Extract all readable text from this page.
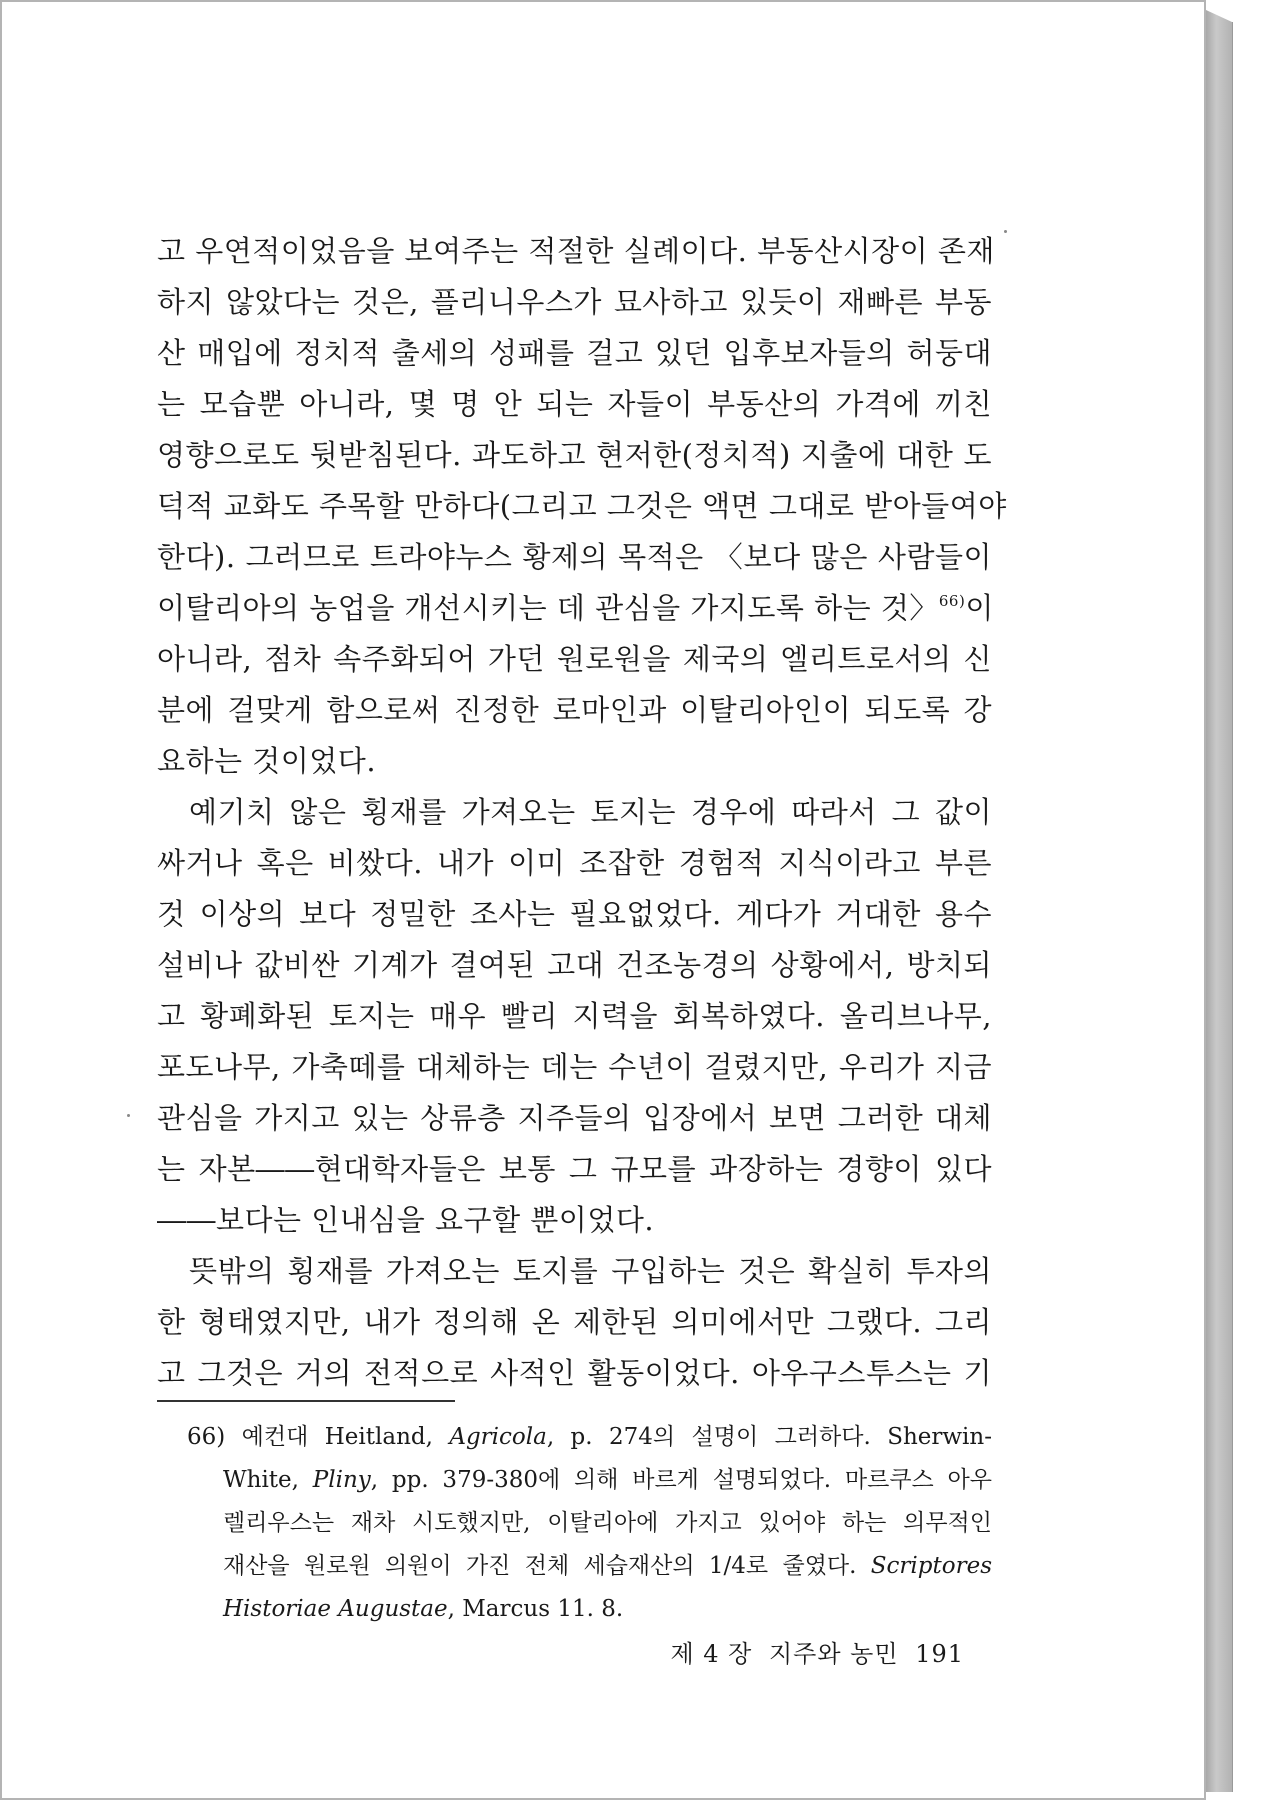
고 우연적이었음을 보여주는 적절한 실례이다. 부동산시장이 존재
하지 않았다는 것은, 플리니우스가 묘사하고 있듯이 재빠른 부동
산 매입에 정치적 출세의 성패를 걸고 있던 입후보자들의 허둥대
는 모습뿐 아니라, 몇 명 안 되는 자들이 부동산의 가격에 끼친
영향으로도 뒷받침된다. 과도하고 현저한(정치적) 지출에 대한 도
덕적 교화도 주목할 만하다(그리고 그것은 액면 그대로 받아들여야
한다). 그러므로 트라야누스 황제의 목적은 〈보다 많은 사람들이
이탈리아의 농업을 개선시키는 데 관심을 가지도록 하는 것〉$^{66)}$이
아니라, 점차 속주화되어 가던 원로원을 제국의 엘리트로서의 신
분에 걸맞게 함으로써 진정한 로마인과 이탈리아인이 되도록 강
요하는 것이었다.
예기치 않은 횡재를 가져오는 토지는 경우에 따라서 그 값이
싸거나 혹은 비쌌다. 내가 이미 조잡한 경험적 지식이라고 부른
것 이상의 보다 정밀한 조사는 필요없었다. 게다가 거대한 용수
설비나 값비싼 기계가 결여된 고대 건조농경의 상황에서, 방치되
고 황폐화된 토지는 매우 빨리 지력을 회복하였다. 올리브나무,
포도나무, 가축떼를 대체하는 데는 수년이 걸렸지만, 우리가 지금
관심을 가지고 있는 상류층 지주들의 입장에서 보면 그러한 대체
는 자본――현대학자들은 보통 그 규모를 과장하는 경향이 있다
――보다는 인내심을 요구할 뿐이었다.
뜻밖의 횡재를 가져오는 토지를 구입하는 것은 확실히 투자의
한 형태였지만, 내가 정의해 온 제한된 의미에서만 그랬다. 그리
고 그것은 거의 전적으로 사적인 활동이었다. 아우구스투스는 기
66) 예컨대 Heitland, Agricola, p. 274의 설명이 그러하다. Sherwin-
White, Pliny, pp. 379-380에 의해 바르게 설명되었다. 마르쿠스 아우
렐리우스는 재차 시도했지만, 이탈리아에 가지고 있어야 하는 의무적인
재산을 원로원 의원이 가진 전체 세습재산의 1/4로 줄였다. Scriptores
Historiae Augustae, Marcus 11. 8.
제 4 장 지주와 농민 191
